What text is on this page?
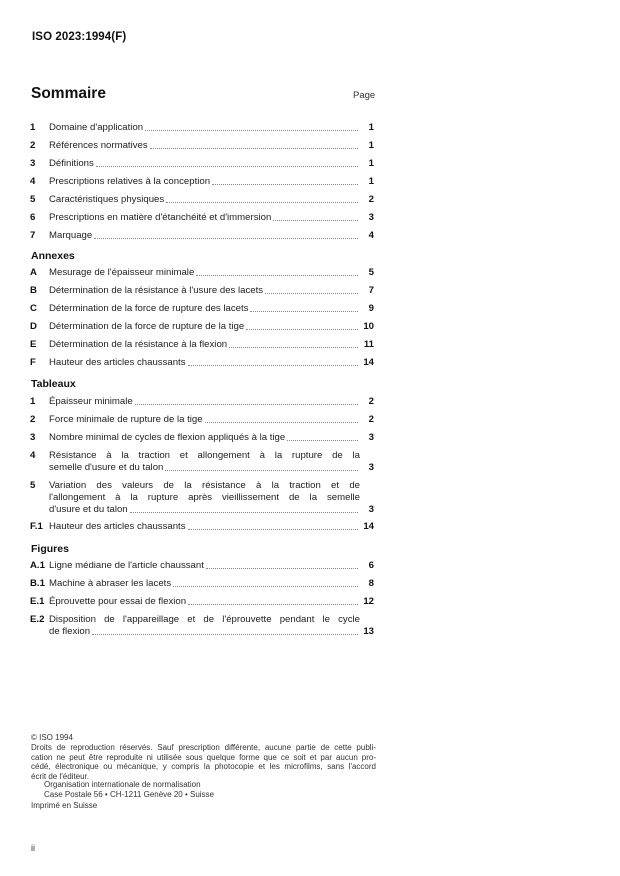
ISO 2023:1994(F)
Sommaire	Page
1	Domaine d'application	1
2	Références normatives	1
3	Définitions	1
4	Prescriptions relatives à la conception	1
5	Caractéristiques physiques	2
6	Prescriptions en matière d'étanchéité et d'immersion	3
7	Marquage	4
Annexes
A	Mesurage de l'épaisseur minimale	5
B	Détermination de la résistance à l'usure des lacets	7
C	Détermination de la force de rupture des lacets	9
D	Détermination de la force de rupture de la tige	10
E	Détermination de la résistance à la flexion	11
F	Hauteur des articles chaussants	14
Tableaux
1	Épaisseur minimale	2
2	Force minimale de rupture de la tige	2
3	Nombre minimal de cycles de flexion appliqués à la tige	3
4	Résistance à la traction et allongement à la rupture de la
semelle d'usure et du talon	3
5	Variation des valeurs de la résistance à la traction et de
l'allongement à la rupture après vieillissement de la semelle
d'usure et du talon	3
F.1 Hauteur des articles chaussants	14
Figures
A.1 Ligne médiane de l'article chaussant	6
B.1 Machine à abraser les lacets	8
E.1 Éprouvette pour essai de flexion	12
E.2 Disposition de l'appareillage et de l'éprouvette pendant le cycle
de flexion	13
© ISO 1994
Droits de reproduction réservés. Sauf prescription différente, aucune partie de cette publi-
cation ne peut être reproduite ni utilisée sous quelque forme que ce soit et par aucun pro-
cédé, électronique ou mécanique, y compris la photocopie et les microfilms, sans l'accord
écrit de l'éditeur.
Organisation internationale de normalisation
Case Postale 56 • CH-1211 Genève 20 • Suisse
Imprimé en Suisse
ii
